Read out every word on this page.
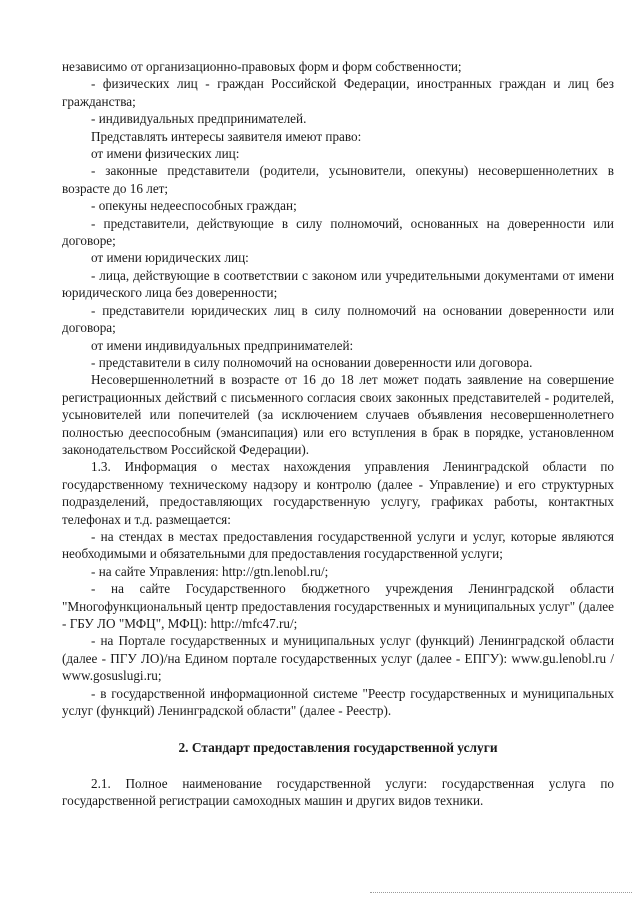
независимо от организационно-правовых форм и форм собственности;

- физических лиц - граждан Российской Федерации, иностранных граждан и лиц без гражданства;

- индивидуальных предпринимателей.

Представлять интересы заявителя имеют право:

от имени физических лиц:

- законные представители (родители, усыновители, опекуны) несовершеннолетних в возрасте до 16 лет;

- опекуны недееспособных граждан;

- представители, действующие в силу полномочий, основанных на доверенности или договоре;

от имени юридических лиц:

- лица, действующие в соответствии с законом или учредительными документами от имени юридического лица без доверенности;

- представители юридических лиц в силу полномочий на основании доверенности или договора;

от имени индивидуальных предпринимателей:

- представители в силу полномочий на основании доверенности или договора.

Несовершеннолетний в возрасте от 16 до 18 лет может подать заявление на совершение регистрационных действий с письменного согласия своих законных представителей - родителей, усыновителей или попечителей (за исключением случаев объявления несовершеннолетнего полностью дееспособным (эмансипация) или его вступления в брак в порядке, установленном законодательством Российской Федерации).

1.3. Информация о местах нахождения управления Ленинградской области по государственному техническому надзору и контролю (далее - Управление) и его структурных подразделений, предоставляющих государственную услугу, графиках работы, контактных телефонах и т.д. размещается:

- на стендах в местах предоставления государственной услуги и услуг, которые являются необходимыми и обязательными для предоставления государственной услуги;

- на сайте Управления: http://gtn.lenobl.ru/;

- на сайте Государственного бюджетного учреждения Ленинградской области "Многофункциональный центр предоставления государственных и муниципальных услуг" (далее - ГБУ ЛО "МФЦ", МФЦ): http://mfc47.ru/;

- на Портале государственных и муниципальных услуг (функций) Ленинградской области (далее - ПГУ ЛО)/на Едином портале государственных услуг (далее - ЕПГУ): www.gu.lenobl.ru / www.gosuslugi.ru;

- в государственной информационной системе "Реестр государственных и муниципальных услуг (функций) Ленинградской области" (далее - Реестр).

2. Стандарт предоставления государственной услуги

2.1. Полное наименование государственной услуги: государственная услуга по государственной регистрации самоходных машин и других видов техники.
